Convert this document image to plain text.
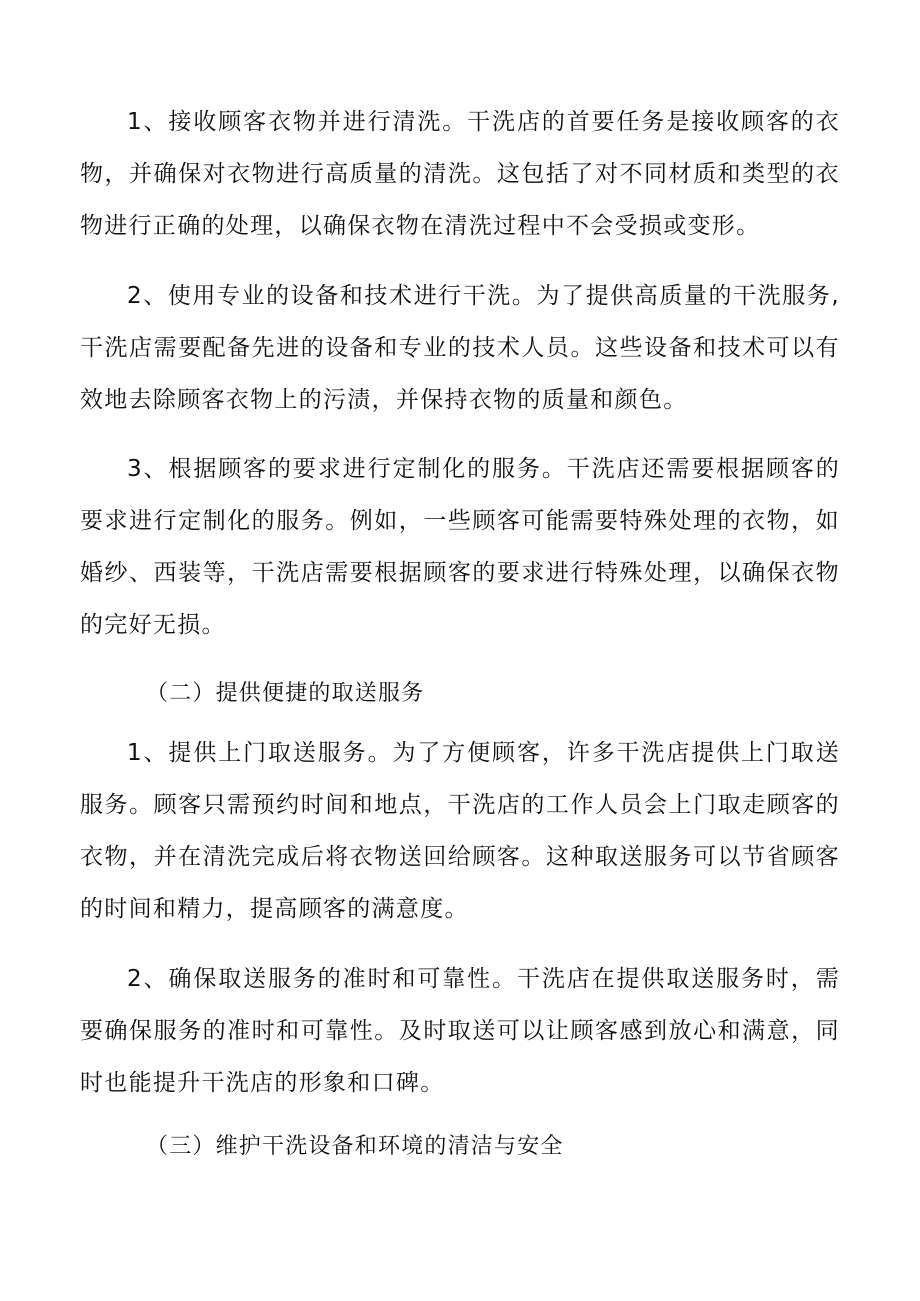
1、接收顾客衣物并进行清洗。干洗店的首要任务是接收顾客的衣物，并确保对衣物进行高质量的清洗。这包括了对不同材质和类型的衣物进行正确的处理，以确保衣物在清洗过程中不会受损或变形。

2、使用专业的设备和技术进行干洗。为了提供高质量的干洗服务,干洗店需要配备先进的设备和专业的技术人员。这些设备和技术可以有效地去除顾客衣物上的污渍，并保持衣物的质量和颜色。

3、根据顾客的要求进行定制化的服务。干洗店还需要根据顾客的要求进行定制化的服务。例如，一些顾客可能需要特殊处理的衣物，如婚纱、西装等，干洗店需要根据顾客的要求进行特殊处理，以确保衣物的完好无损。

（二）提供便捷的取送服务

1、提供上门取送服务。为了方便顾客，许多干洗店提供上门取送服务。顾客只需预约时间和地点，干洗店的工作人员会上门取走顾客的衣物，并在清洗完成后将衣物送回给顾客。这种取送服务可以节省顾客的时间和精力，提高顾客的满意度。

2、确保取送服务的准时和可靠性。干洗店在提供取送服务时，需要确保服务的准时和可靠性。及时取送可以让顾客感到放心和满意，同时也能提升干洗店的形象和口碑。

（三）维护干洗设备和环境的清洁与安全
